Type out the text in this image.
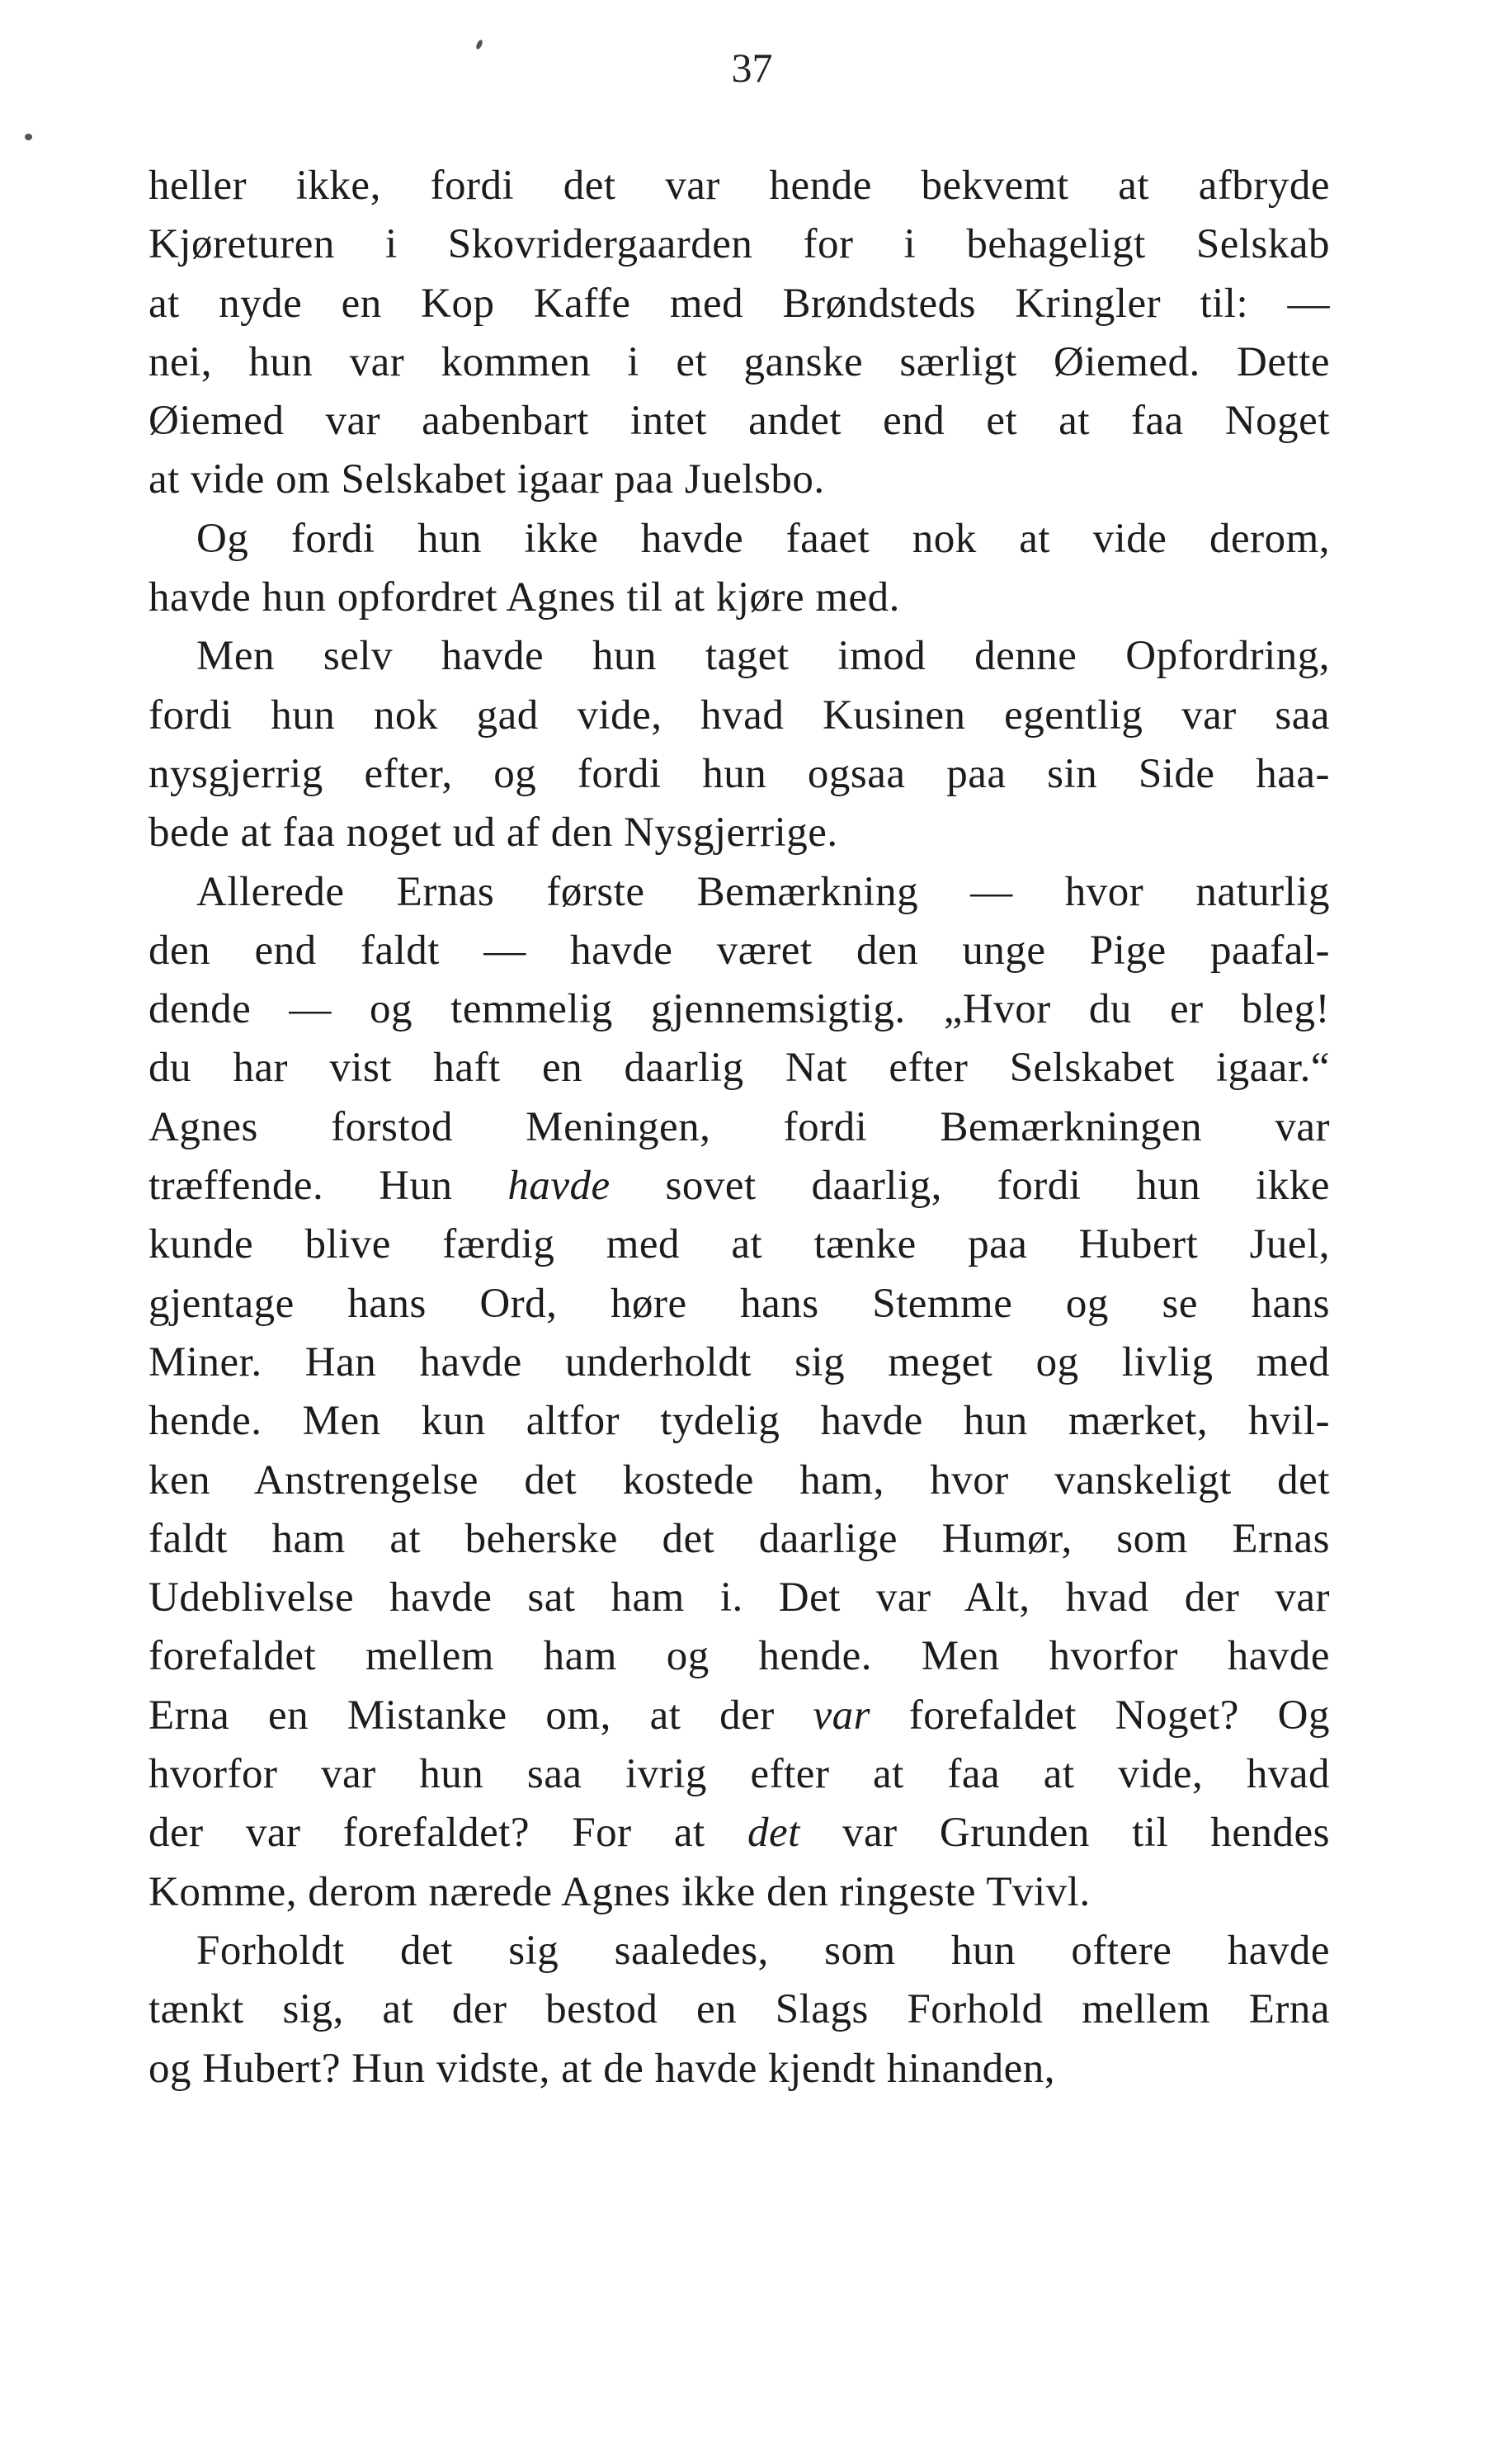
37
heller ikke, fordi det var hende bekvemt at afbryde
Kjøreturen i Skovridergaarden for i behageligt Selskab
at nyde en Kop Kaffe med Brøndsteds Kringler til: —
nei, hun var kommen i et ganske særligt Øiemed. Dette
Øiemed var aabenbart intet andet end et at faa Noget
at vide om Selskabet igaar paa Juelsbo.
Og fordi hun ikke havde faaet nok at vide derom,
havde hun opfordret Agnes til at kjøre med.
Men selv havde hun taget imod denne Opfordring,
fordi hun nok gad vide, hvad Kusinen egentlig var saa
nysgjerrig efter, og fordi hun ogsaa paa sin Side haa-
bede at faa noget ud af den Nysgjerrige.
Allerede Ernas første Bemærkning — hvor naturlig
den end faldt — havde været den unge Pige paafal-
dende — og temmelig gjennemsigtig. „Hvor du er bleg!
du har vist haft en daarlig Nat efter Selskabet igaar.“
Agnes forstod Meningen, fordi Bemærkningen var
træffende. Hun havde sovet daarlig, fordi hun ikke
kunde blive færdig med at tænke paa Hubert Juel,
gjentage hans Ord, høre hans Stemme og se hans
Miner. Han havde underholdt sig meget og livlig med
hende. Men kun altfor tydelig havde hun mærket, hvil-
ken Anstrengelse det kostede ham, hvor vanskeligt det
faldt ham at beherske det daarlige Humør, som Ernas
Udeblivelse havde sat ham i. Det var Alt, hvad der var
forefaldet mellem ham og hende. Men hvorfor havde
Erna en Mistanke om, at der var forefaldet Noget? Og
hvorfor var hun saa ivrig efter at faa at vide, hvad
der var forefaldet? For at det var Grunden til hendes
Komme, derom nærede Agnes ikke den ringeste Tvivl.
Forholdt det sig saaledes, som hun oftere havde
tænkt sig, at der bestod en Slags Forhold mellem Erna
og Hubert? Hun vidste, at de havde kjendt hinanden,
